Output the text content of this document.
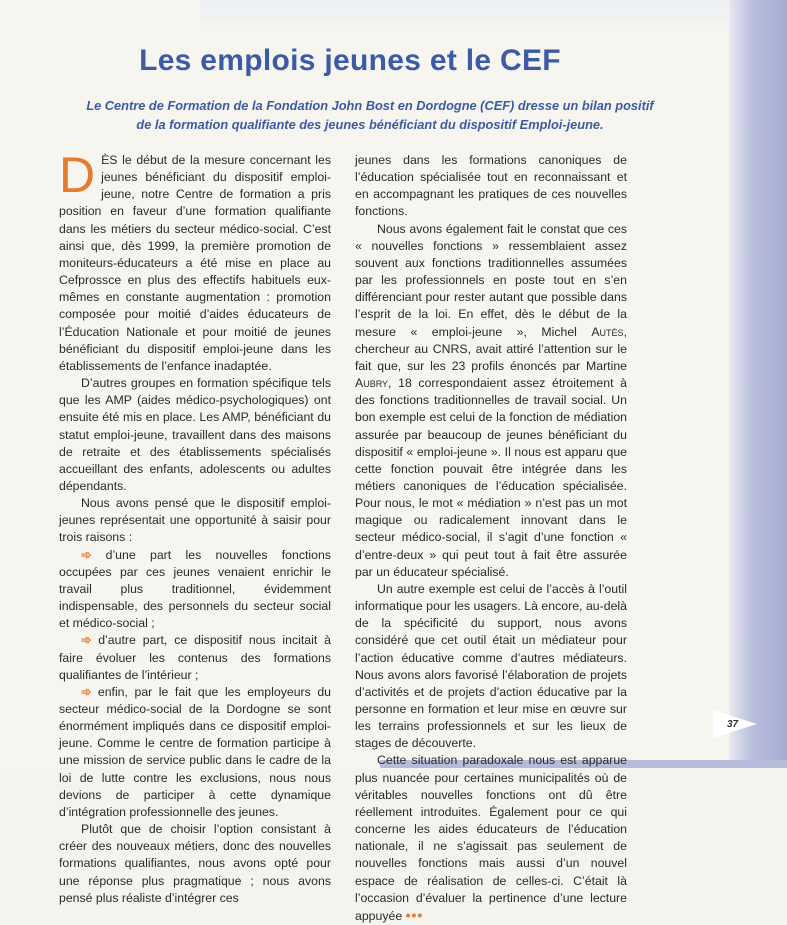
Les emplois jeunes et le CEF
Le Centre de Formation de la Fondation John Bost en Dordogne (CEF) dresse un bilan positif
de la formation qualifiante des jeunes bénéficiant du dispositif Emploi-jeune.

DÈS le début de la mesure concernant les jeunes bénéficiant du dispositif emploi-jeune, notre Centre de formation a pris position en faveur d’une formation qualifiante dans les métiers du secteur médico-social. C’est ainsi que, dès 1999, la première promotion de moniteurs-éducateurs a été mise en place au Cefprossce en plus des effectifs habituels eux-mêmes en constante augmentation : promotion composée pour moitié d’aides éducateurs de l’Éducation Nationale et pour moitié de jeunes bénéficiant du dispositif emploi-jeune dans les établissements de l’enfance inadaptée.

D’autres groupes en formation spécifique tels que les AMP (aides médico-psychologiques) ont ensuite été mis en place. Les AMP, bénéficiant du statut emploi-jeune, travaillent dans des maisons de retraite et des établissements spécialisés accueillant des enfants, adolescents ou adultes dépendants.

Nous avons pensé que le dispositif emploi-jeunes représentait une opportunité à saisir pour trois raisons :

➾ d’une part les nouvelles fonctions occupées par ces jeunes venaient enrichir le travail plus traditionnel, évidemment indispensable, des personnels du secteur social et médico-social ;

➾ d’autre part, ce dispositif nous incitait à faire évoluer les contenus des formations qualifiantes de l’intérieur ;

➾ enfin, par le fait que les employeurs du secteur médico-social de la Dordogne se sont énormément impliqués dans ce dispositif emploi-jeune. Comme le centre de formation participe à une mission de service public dans le cadre de la loi de lutte contre les exclusions, nous nous devions de participer à cette dynamique d’intégration professionnelle des jeunes.

Plutôt que de choisir l’option consistant à créer des nouveaux métiers, donc des nouvelles formations qualifiantes, nous avons opté pour une réponse plus pragmatique ; nous avons pensé plus réaliste d’intégrer ces

jeunes dans les formations canoniques de l’éducation spécialisée tout en reconnaissant et en accompagnant les pratiques de ces nouvelles fonctions.

Nous avons également fait le constat que ces « nouvelles fonctions » ressemblaient assez souvent aux fonctions traditionnelles assumées par les professionnels en poste tout en s’en différenciant pour rester autant que possible dans l’esprit de la loi. En effet, dès le début de la mesure « emploi-jeune », Michel Autès, chercheur au CNRS, avait attiré l’attention sur le fait que, sur les 23 profils énoncés par Martine Aubry, 18 correspondaient assez étroitement à des fonctions traditionnelles de travail social. Un bon exemple est celui de la fonction de médiation assurée par beaucoup de jeunes bénéficiant du dispositif « emploi-jeune ». Il nous est apparu que cette fonction pouvait être intégrée dans les métiers canoniques de l’éducation spécialisée. Pour nous, le mot « médiation » n’est pas un mot magique ou radicalement innovant dans le secteur médico-social, il s’agit d’une fonction « d’entre-deux » qui peut tout à fait être assurée par un éducateur spécialisé.

Un autre exemple est celui de l’accès à l’outil informatique pour les usagers. Là encore, au-delà de la spécificité du support, nous avons considéré que cet outil était un médiateur pour l’action éducative comme d’autres médiateurs. Nous avons alors favorisé l’élaboration de projets d’activités et de projets d’action éducative par la personne en formation et leur mise en œuvre sur les terrains professionnels et sur les lieux de stages de découverte.

Cette situation paradoxale nous est apparue plus nuancée pour certaines municipalités où de véritables nouvelles fonctions ont dû être réellement introduites. Également pour ce qui concerne les aides éducateurs de l’éducation nationale, il ne s’agissait pas seulement de nouvelles fonctions mais aussi d’un nouvel espace de réalisation de celles-ci. C’était là l’occasion d’évaluer la pertinence d’une lecture appuyée •••

37
